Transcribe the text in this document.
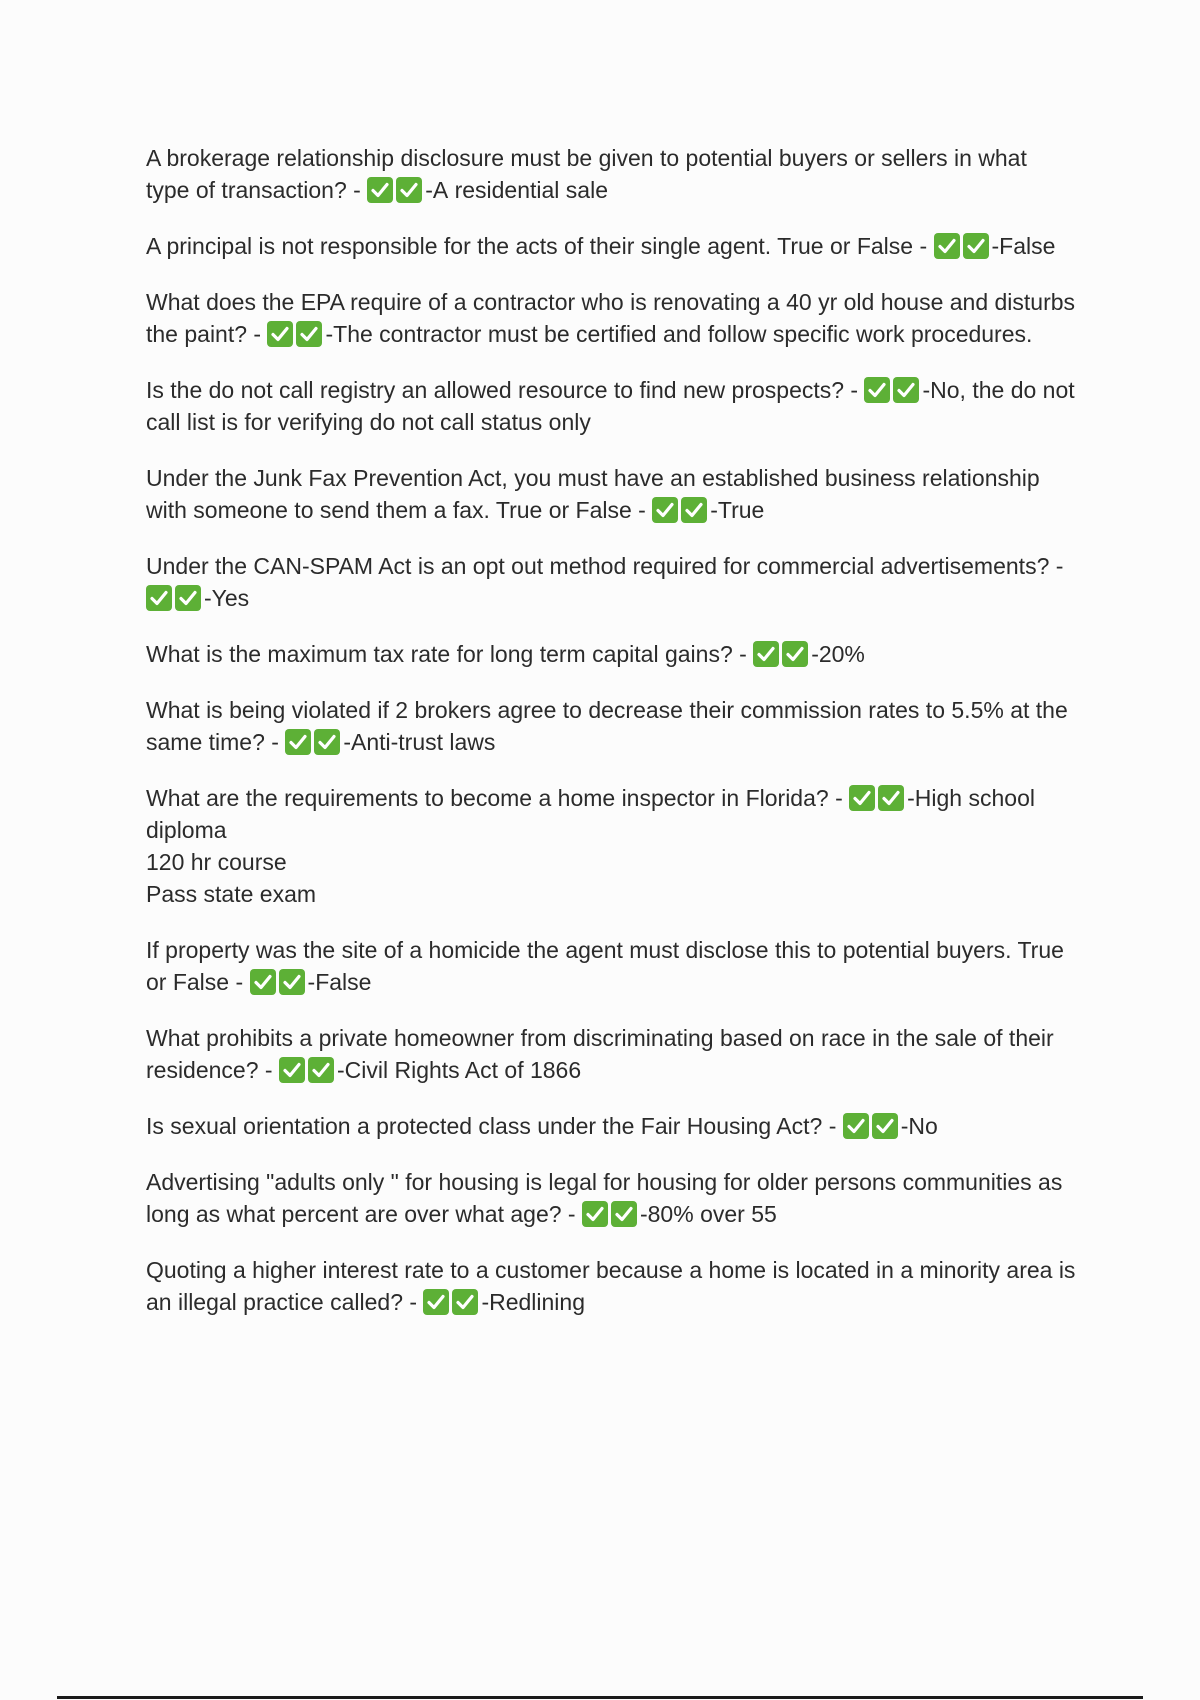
A brokerage relationship disclosure must be given to potential buyers or sellers in what type of transaction? -	-A residential sale
A principal is not responsible for the acts of their single agent. True or False -	-False
What does the EPA require of a contractor who is renovating a 40 yr old house and disturbs the paint? -	-The contractor must be certified and follow specific work procedures.
Is the do not call registry an allowed resource to find new prospects? -	-No, the do not call list is for verifying do not call status only
Under the Junk Fax Prevention Act, you must have an established business relationship with someone to send them a fax. True or False -	-True
Under the CAN-SPAM Act is an opt out method required for commercial advertisements? -
-Yes
What is the maximum tax rate for long term capital gains? -	-20%
What is being violated if 2 brokers agree to decrease their commission rates to 5.5% at the same time? -	-Anti-trust laws
What are the requirements to become a home inspector in Florida? -	-High school diploma
120 hr course
Pass state exam
If property was the site of a homicide the agent must disclose this to potential buyers. True or False -	-False
What prohibits a private homeowner from discriminating based on race in the sale of their residence? -	-Civil Rights Act of 1866
Is sexual orientation a protected class under the Fair Housing Act? -	-No
Advertising "adults only " for housing is legal for housing for older persons communities as long as what percent are over what age? -	-80% over 55
Quoting a higher interest rate to a customer because a home is located in a minority area is an illegal practice called? -	-Redlining
